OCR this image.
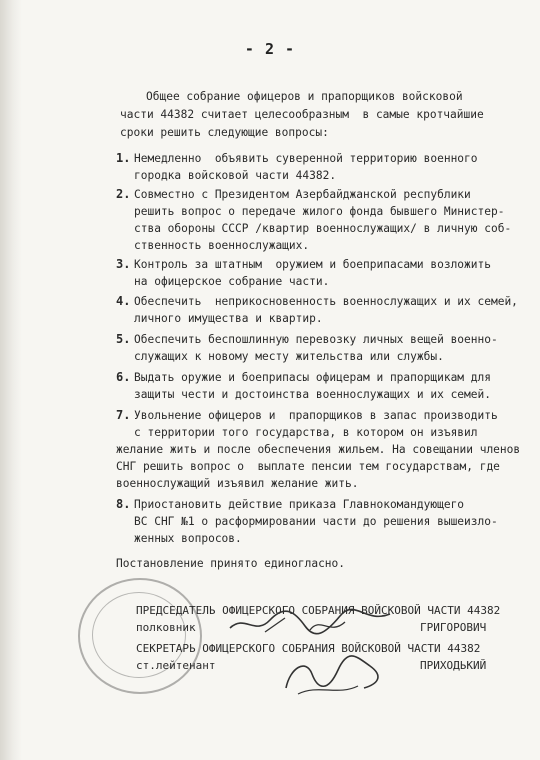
- 2 -
Общее собрание офицеров и прапорщиков войсковой
части 44382 считает целесообразным  в самые кротчайшие
сроки решить следующие вопросы:
1. Немедленно  объявить суверенной территорию военного
городка войсковой части 44382.
2. Совместно с Президентом Азербайджанской республики
решить вопрос о передаче жилого фонда бывшего Министер-
ства обороны СССР /квартир военнослужащих/ в личную соб-
ственность военнослужащих.
3. Контроль за штатным  оружием и боеприпасами возложить
на офицерское собрание части.
4. Обеспечить  неприкосновенность военнослужащих и их семей,
личного имущества и квартир.
5. Обеспечить беспошлинную перевозку личных вещей военно-
служащих к новому месту жительства или службы.
6. Выдать оружие и боеприпасы офицерам и прапорщикам для
защиты чести и достоинства военнослужащих и их семей.
7. Увольнение офицеров и  прапорщиков в запас производить
с территории того государства, в котором он изъявил
желание жить и после обеспечения жильем. На совещании членов
СНГ решить вопрос о  выплате пенсии тем государствам, где
военнослужащий изъявил желание жить.
8. Приостановить действие приказа Главнокомандующего
ВС СНГ №1 о расформировании части до решения вышеизло-
женных вопросов.
Постановление принято единогласно.
ПРЕДСЕДАТЕЛЬ ОФИЦЕРСКОГО СОБРАНИЯ ВОЙСКОВОЙ ЧАСТИ 44382
полковник	ГРИГОРОВИЧ
СЕКРЕТАРЬ ОФИЦЕРСКОГО СОБРАНИЯ ВОЙСКОВОЙ ЧАСТИ 44382
ст.лейтенант	ПРИХОДЬКИЙ
